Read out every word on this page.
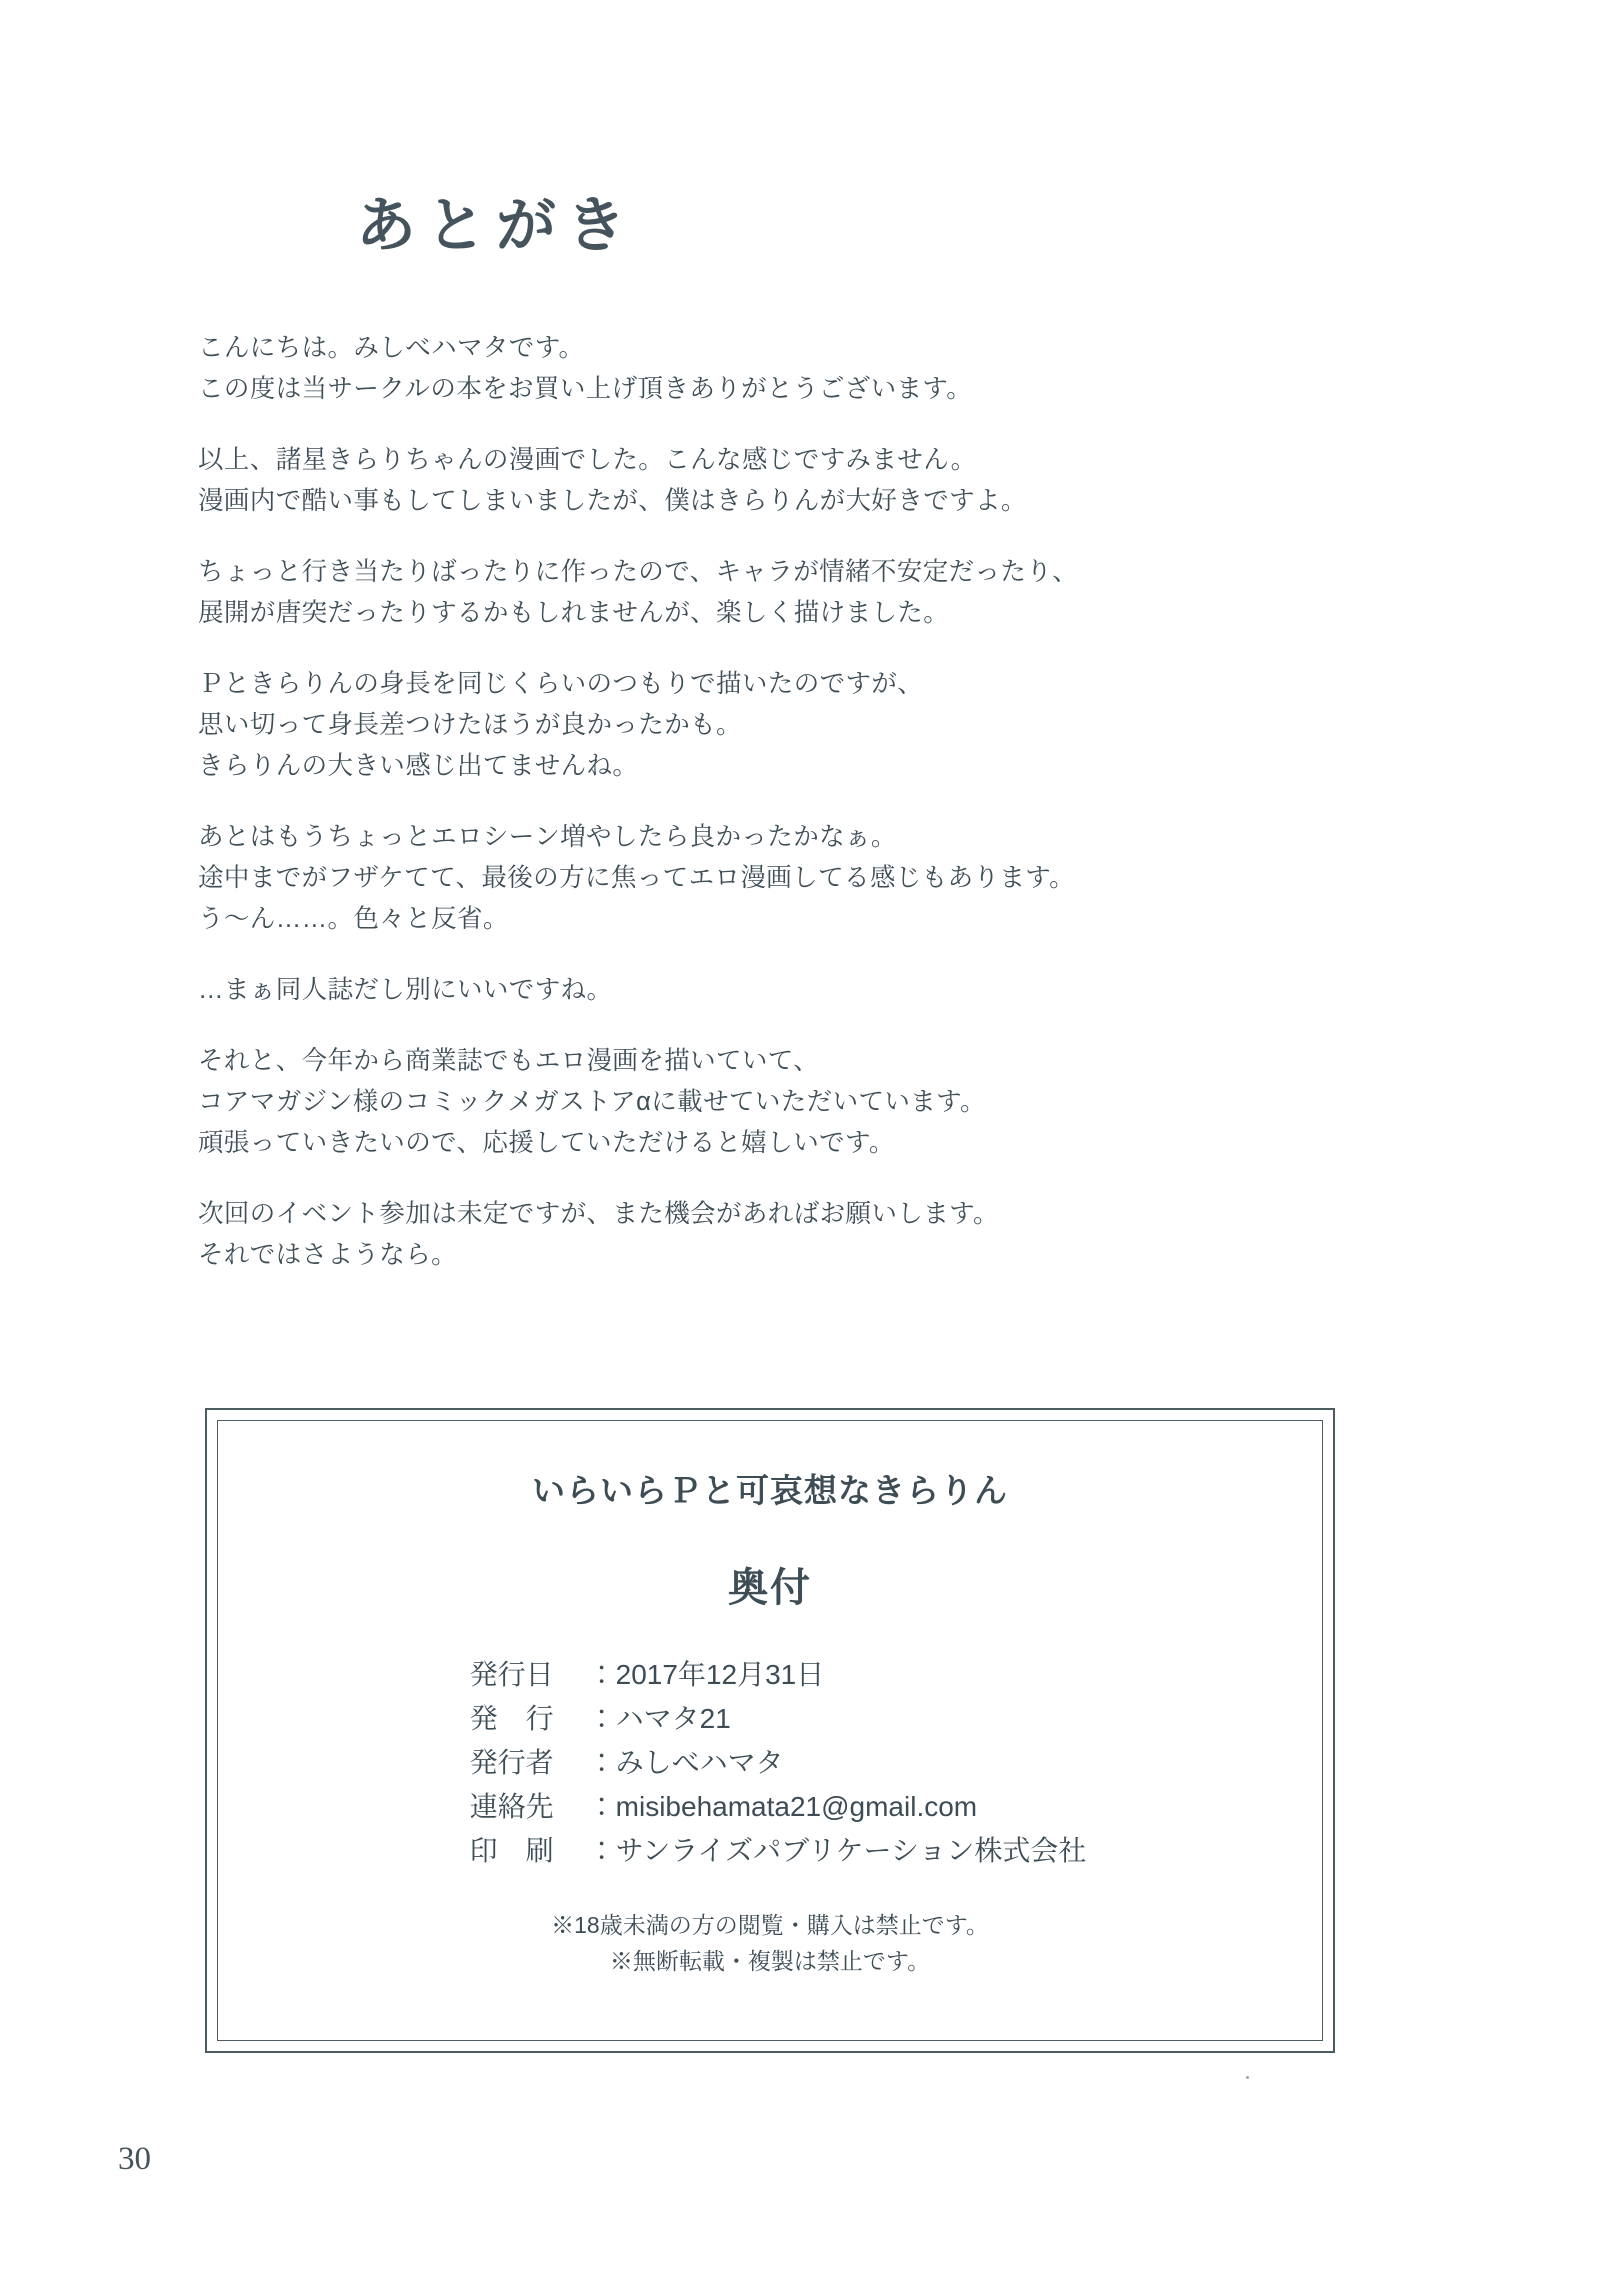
あとがき

こんにちは。みしべハマタです。
この度は当サークルの本をお買い上げ頂きありがとうございます。

以上、諸星きらりちゃんの漫画でした。こんな感じですみません。
漫画内で酷い事もしてしまいましたが、僕はきらりんが大好きですよ。

ちょっと行き当たりばったりに作ったので、キャラが情緒不安定だったり、
展開が唐突だったりするかもしれませんが、楽しく描けました。

Ｐときらりんの身長を同じくらいのつもりで描いたのですが、
思い切って身長差つけたほうが良かったかも。
きらりんの大きい感じ出てませんね。

あとはもうちょっとエロシーン増やしたら良かったかなぁ。
途中までがフザケてて、最後の方に焦ってエロ漫画してる感じもあります。
う〜ん……。色々と反省。

…まぁ同人誌だし別にいいですね。

それと、今年から商業誌でもエロ漫画を描いていて、
コアマガジン様のコミックメガストアαに載せていただいています。
頑張っていきたいので、応援していただけると嬉しいです。

次回のイベント参加は未定ですが、また機会があればお願いします。
それではさようなら。

いらいらＰと可哀想なきらりん
奥付
発行日 ：2017年12月31日
発　行 ：ハマタ21
発行者 ：みしべハマタ
連絡先 ：misibehamata21@gmail.com
印　刷 ：サンライズパブリケーション株式会社
※18歳未満の方の閲覧・購入は禁止です。
※無断転載・複製は禁止です。
30
